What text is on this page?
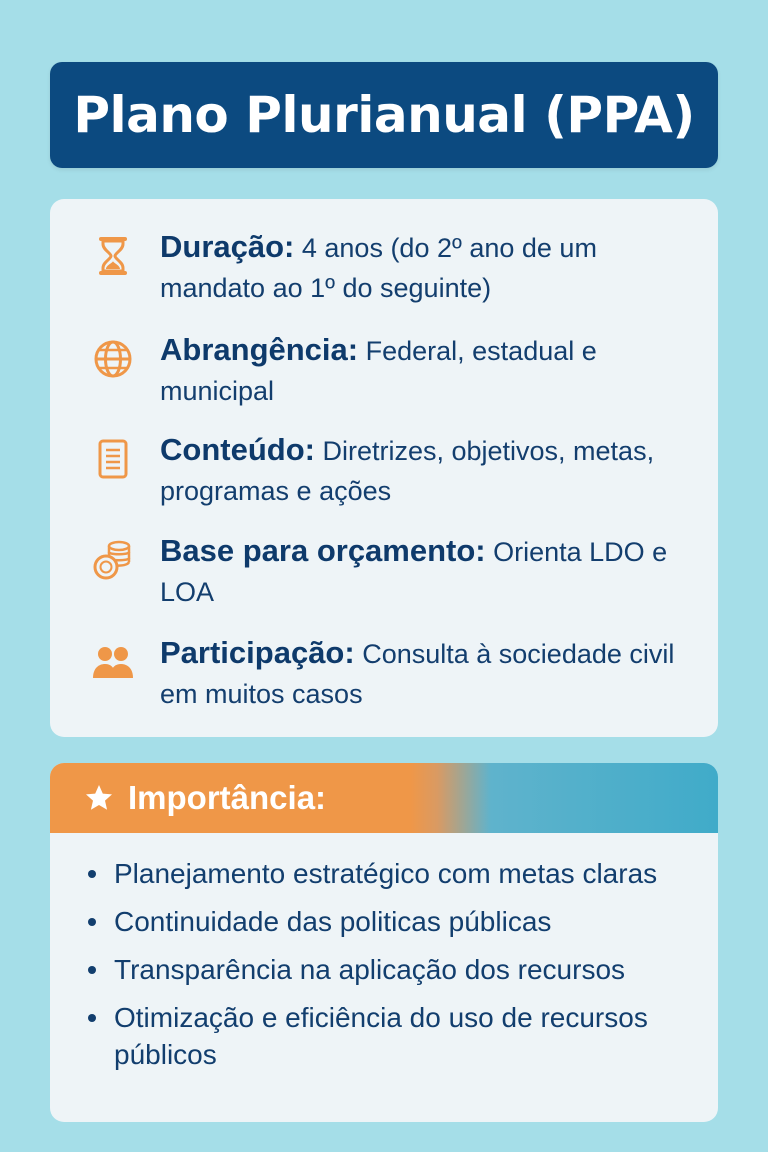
Plano Plurianual (PPA)
Duração: 4 anos (do 2º ano de um mandato ao 1º do seguinte)
Abrangência: Federal, estadual e municipal
Conteúdo: Diretrizes, objetivos, metas, programas e ações
Base para orçamento: Orienta LDO e LOA
Participação: Consulta à sociedade civil em muitos casos
Importância:
Planejamento estratégico com metas claras
Continuidade das politicas públicas
Transparência na aplicação dos recursos
Otimização e eficiência do uso de recursos públicos
